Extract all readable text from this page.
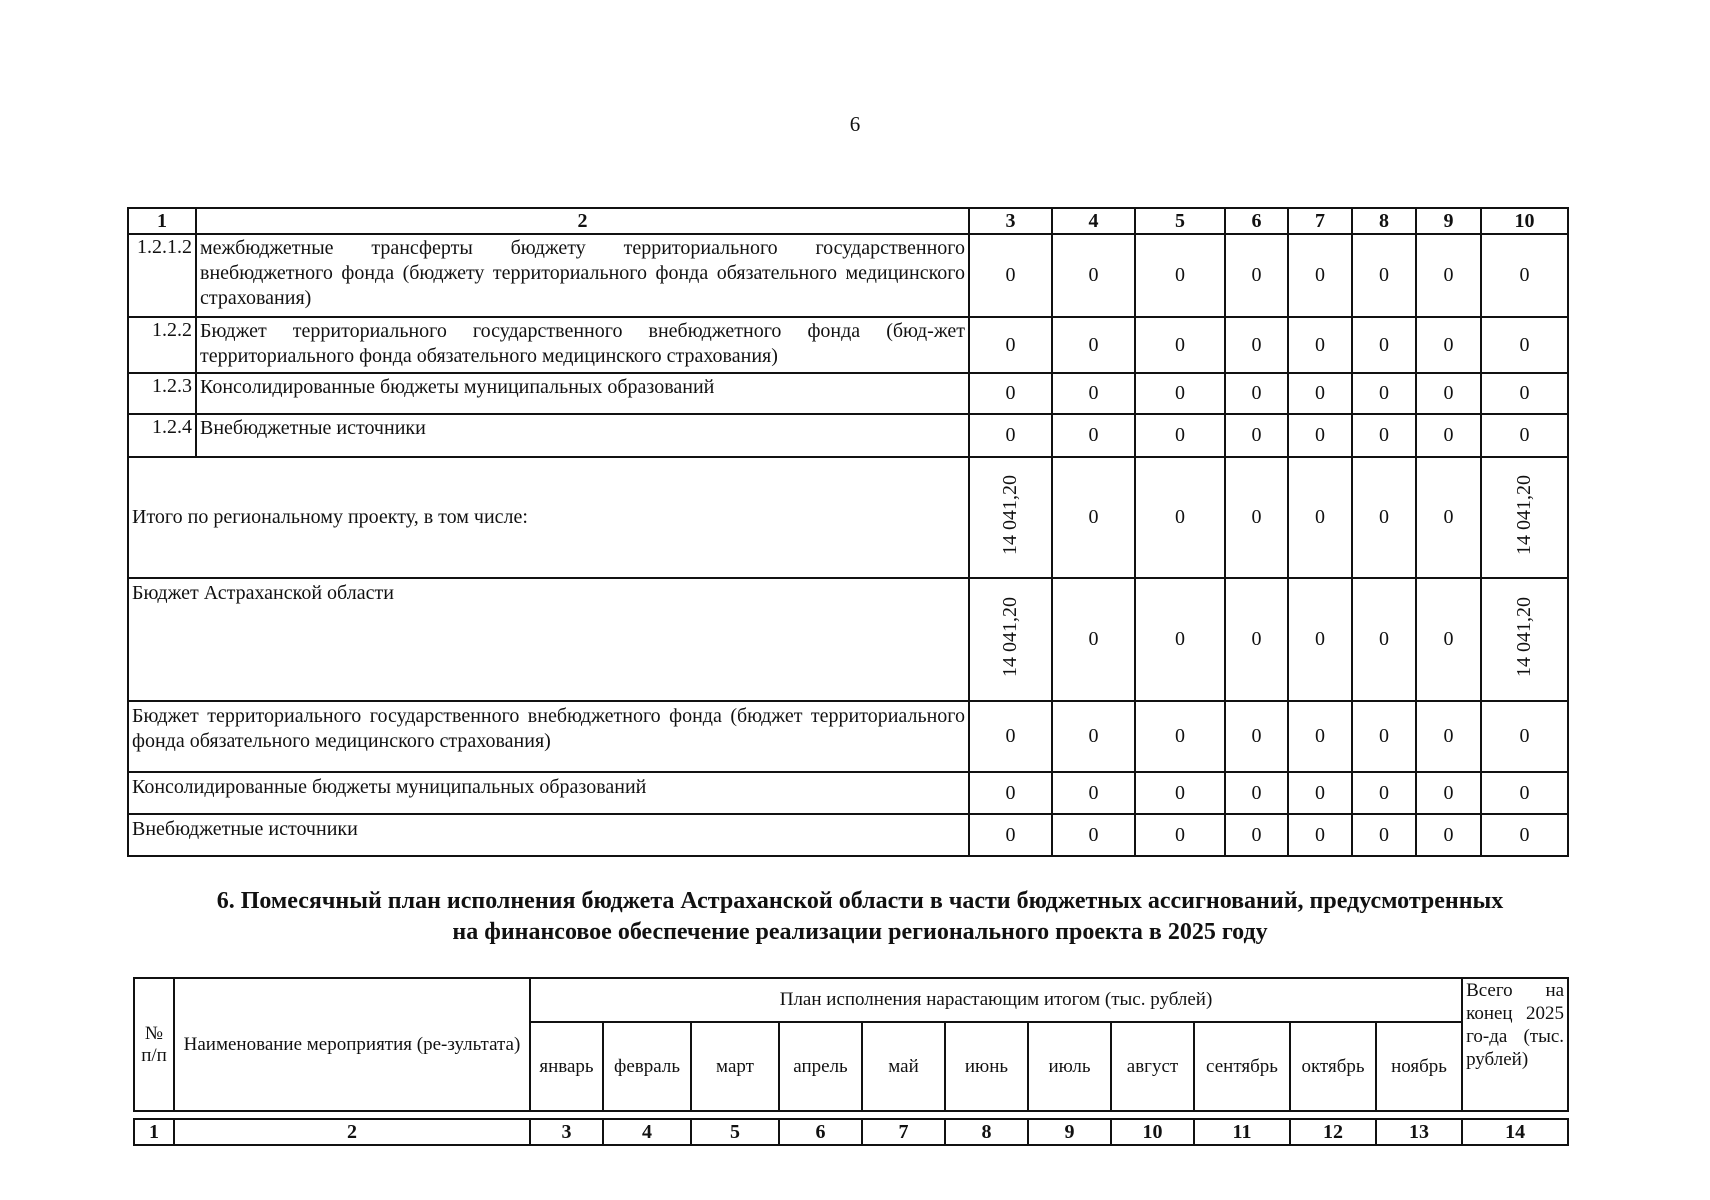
6
1	2	3	4	5	6	7	8	9	10
1.2.1.2	межбюджетные трансферты бюджету территориального государственного внебюджетного фонда (бюджету территориального фонда обязательного медицинского страхования)	0	0	0	0	0	0	0	0
1.2.2	Бюджет территориального государственного внебюджетного фонда (бюд-жет территориального фонда обязательного медицинского страхования)	0	0	0	0	0	0	0	0
1.2.3	Консолидированные бюджеты муниципальных образований	0	0	0	0	0	0	0	0
1.2.4	Внебюджетные источники	0	0	0	0	0	0	0	0
Итого по региональному проекту, в том числе:		14 041,20	0	0	0	0	0	0	14 041,20
Бюджет Астраханской области		14 041,20	0	0	0	0	0	0	14 041,20
Бюджет территориального государственного внебюджетного фонда (бюджет территориального фонда обязательного медицинского страхования)		0	0	0	0	0	0	0	0
Консолидированные бюджеты муниципальных образований		0	0	0	0	0	0	0	0
Внебюджетные источники		0	0	0	0	0	0	0	0
6. Помесячный план исполнения бюджета Астраханской области в части бюджетных ассигнований, предусмотренных
на финансовое обеспечение реализации регионального проекта в 2025 году
№ п/п	Наименование мероприятия (ре-зультата)	План исполнения нарастающим итогом (тыс. рублей)											Всего на конец 2025 го-да (тыс. рублей)
		январь	февраль	март	апрель	май	июнь	июль	август	сентябрь	октябрь	ноябрь	

1	2	3	4	5	6	7	8	9	10	11	12	13	14
